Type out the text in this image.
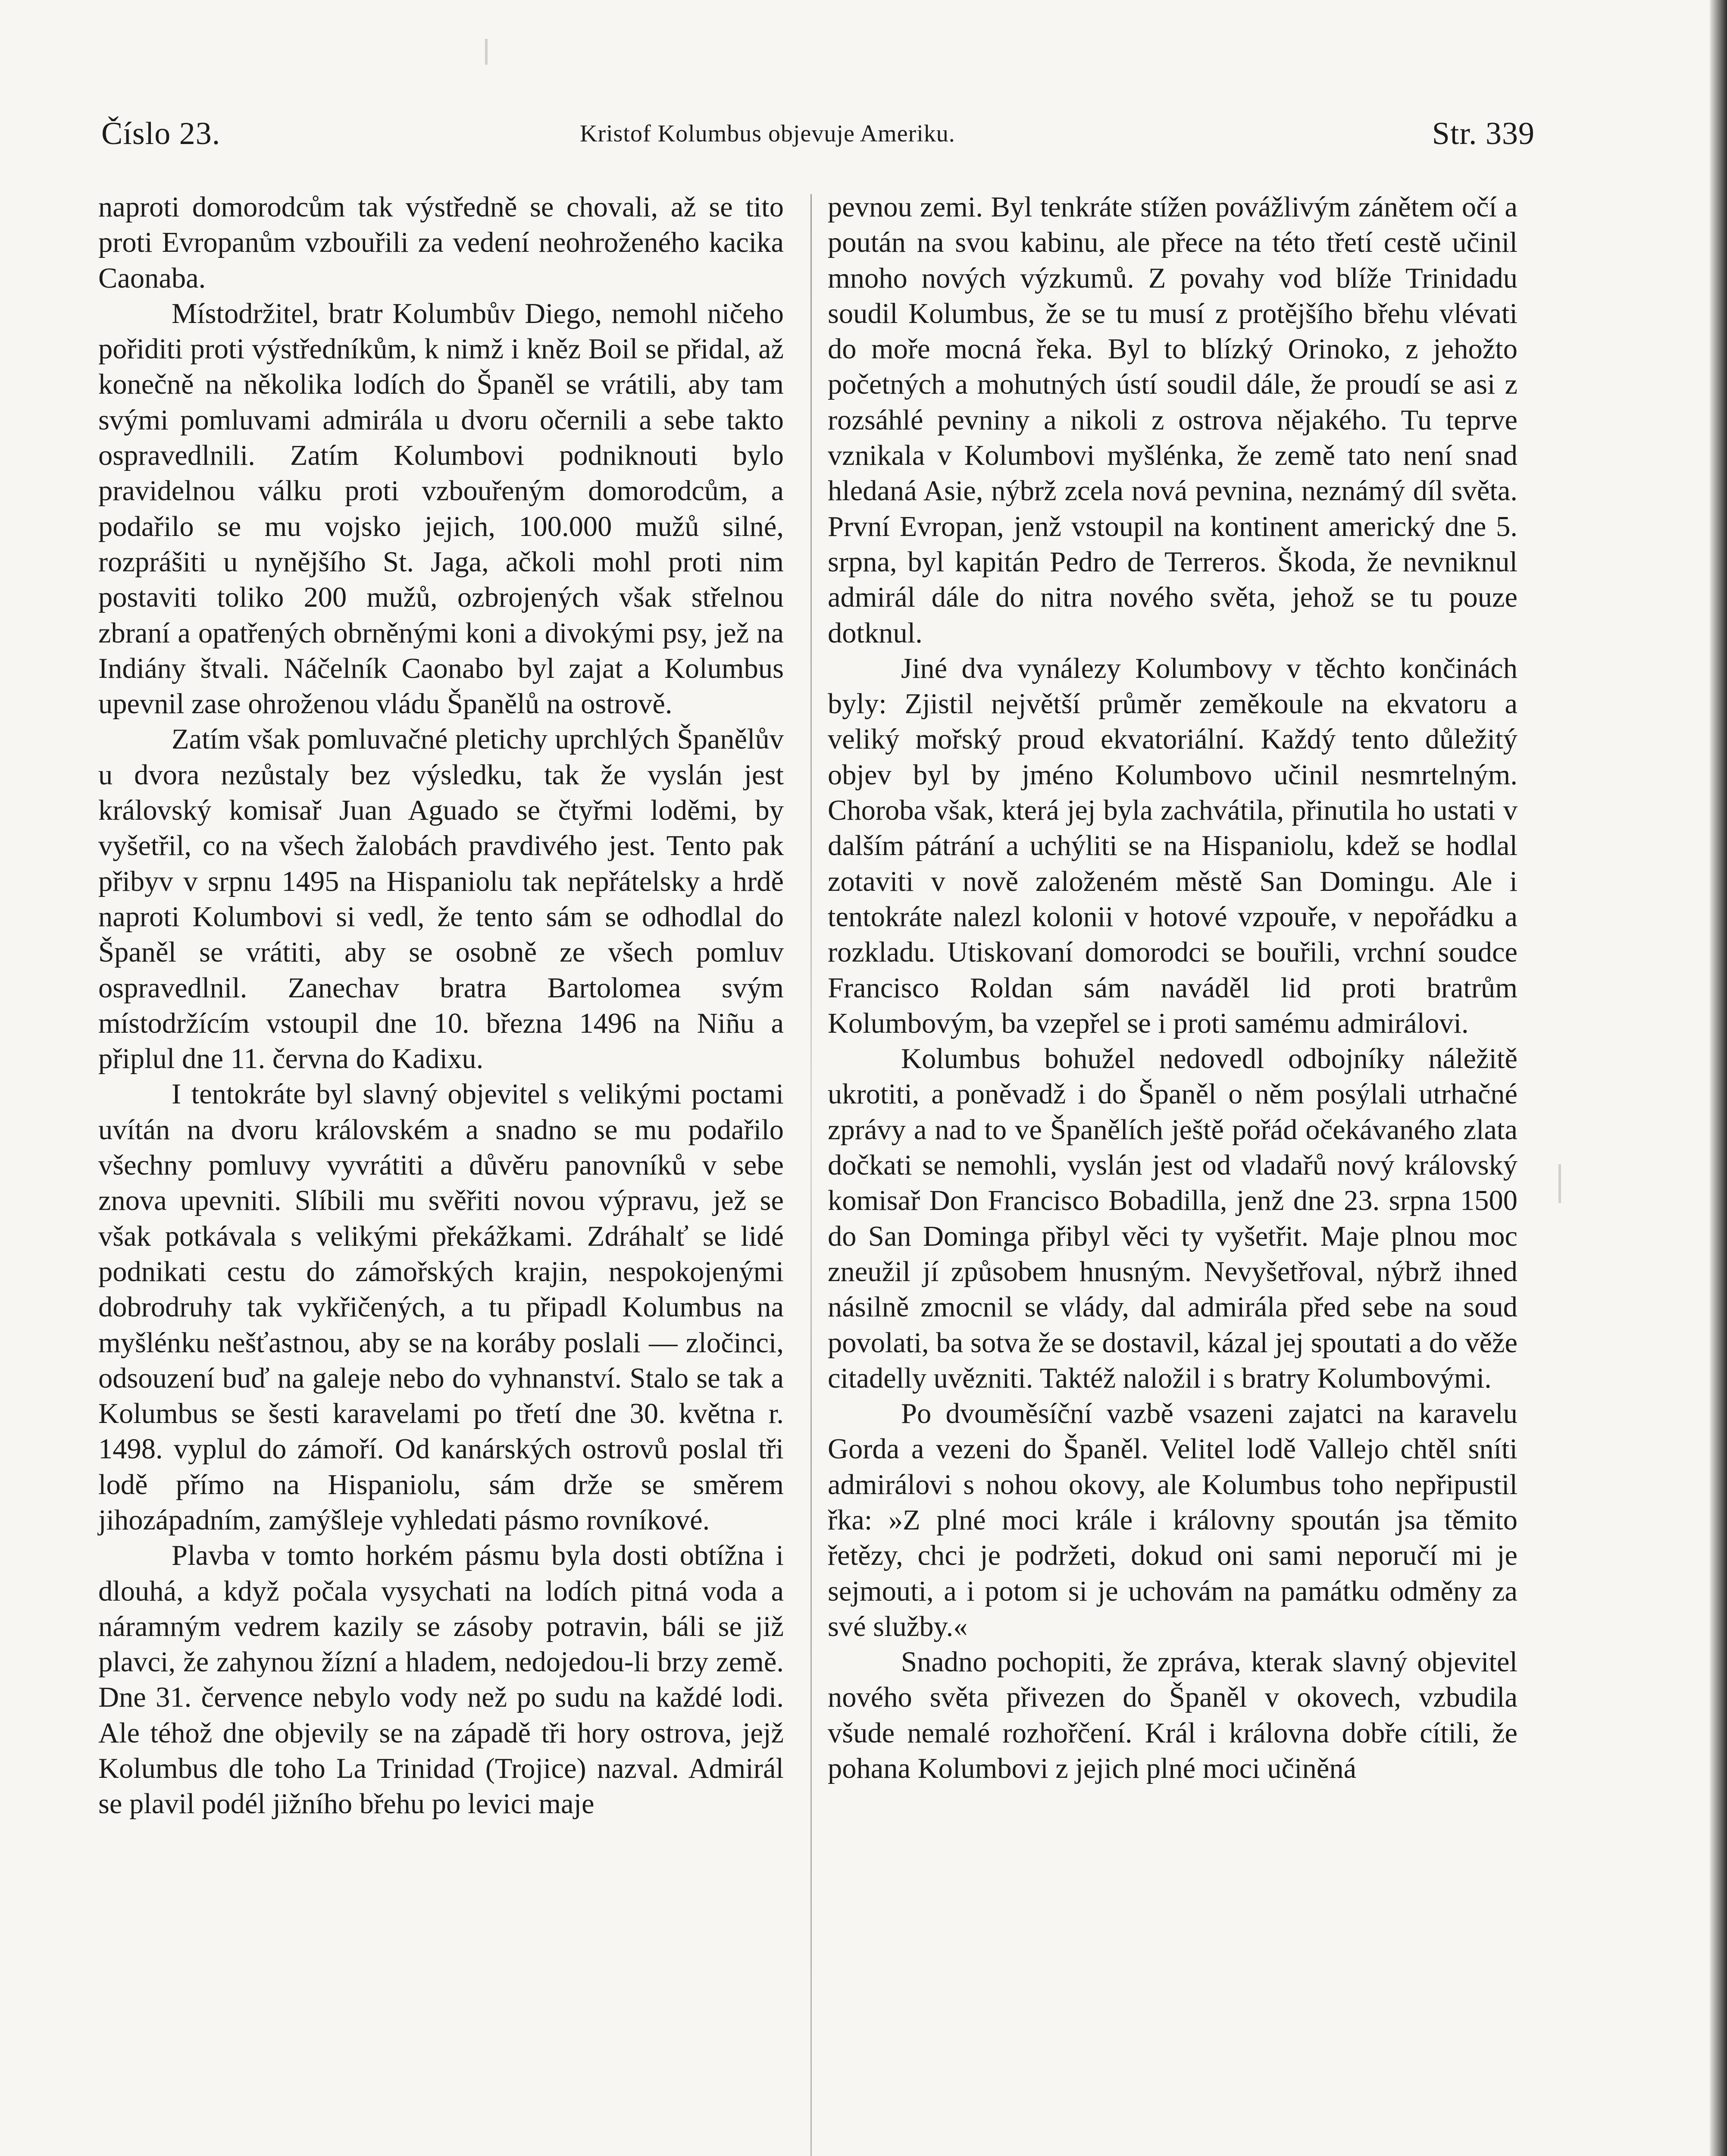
Číslo 23.	Kristof Kolumbus objevuje Ameriku.	Str. 339

naproti domorodcům tak výstředně se chovali, až se tito proti Evropanům vzbouřili za vedení neohroženého kacika Caonaba.

Místodržitel, bratr Kolumbův Diego, nemohl ničeho pořiditi proti výstředníkům, k nimž i kněz Boil se přidal, až konečně na několika lodích do Španěl se vrátili, aby tam svými pomluvami admirála u dvoru očernili a sebe takto ospravedlnili. Zatím Kolumbovi podniknouti bylo pravidelnou válku proti vzbouřeným domorodcům, a podařilo se mu vojsko jejich, 100.000 mužů silné, rozprášiti u nynějšího St. Jaga, ačkoli mohl proti nim postaviti toliko 200 mužů, ozbrojených však střelnou zbraní a opatřených obrněnými koni a divokými psy, jež na Indiány štvali. Náčelník Caonabo byl zajat a Kolumbus upevnil zase ohroženou vládu Španělů na ostrově.

Zatím však pomluvačné pletichy uprchlých Španělův u dvora nezůstaly bez výsledku, tak že vyslán jest královský komisař Juan Aguado se čtyřmi loděmi, by vyšetřil, co na všech žalobách pravdivého jest. Tento pak přibyv v srpnu 1495 na Hispaniolu tak nepřátelsky a hrdě naproti Kolumbovi si vedl, že tento sám se odhodlal do Španěl se vrátiti, aby se osobně ze všech pomluv ospravedlnil. Zanechav bratra Bartolomea svým místodržícím vstoupil dne 10. března 1496 na Niñu a připlul dne 11. června do Kadixu.

I tentokráte byl slavný objevitel s velikými poctami uvítán na dvoru královském a snadno se mu podařilo všechny pomluvy vyvrátiti a důvěru panovníků v sebe znova upevniti. Slíbili mu svěřiti novou výpravu, jež se však potkávala s velikými překážkami. Zdráhalť se lidé podnikati cestu do zámořských krajin, nespokojenými dobrodruhy tak vykřičených, a tu připadl Kolumbus na myšlénku nešťastnou, aby se na koráby poslali — zločinci, odsouzení buď na galeje nebo do vyhnanství. Stalo se tak a Kolumbus se šesti karavelami po třetí dne 30. května r. 1498. vyplul do zámoří. Od kanárských ostrovů poslal tři lodě přímo na Hispaniolu, sám drže se směrem jihozápadním, zamýšleje vyhledati pásmo rovníkové.

Plavba v tomto horkém pásmu byla dosti obtížna i dlouhá, a když počala vysychati na lodích pitná voda a náramným vedrem kazily se zásoby potravin, báli se již plavci, že zahynou žízní a hladem, nedojedou-li brzy země. Dne 31. července nebylo vody než po sudu na každé lodi. Ale téhož dne objevily se na západě tři hory ostrova, jejž Kolumbus dle toho La Trinidad (Trojice) nazval. Admirál se plavil podél jižního břehu po levici maje

pevnou zemi. Byl tenkráte stížen povážlivým zánětem očí a poután na svou kabinu, ale přece na této třetí cestě učinil mnoho nových výzkumů. Z povahy vod blíže Trinidadu soudil Kolumbus, že se tu musí z protějšího břehu vlévati do moře mocná řeka. Byl to blízký Orinoko, z jehožto početných a mohutných ústí soudil dále, že proudí se asi z rozsáhlé pevniny a nikoli z ostrova nějakého. Tu teprve vznikala v Kolumbovi myšlénka, že země tato není snad hledaná Asie, nýbrž zcela nová pevnina, neznámý díl světa. První Evropan, jenž vstoupil na kontinent americký dne 5. srpna, byl kapitán Pedro de Terreros. Škoda, že nevniknul admirál dále do nitra nového světa, jehož se tu pouze dotknul.

Jiné dva vynálezy Kolumbovy v těchto končinách byly: Zjistil největší průměr zeměkoule na ekvatoru a veliký mořský proud ekvatoriální. Každý tento důležitý objev byl by jméno Kolumbovo učinil nesmrtelným. Choroba však, která jej byla zachvátila, přinutila ho ustati v dalším pátrání a uchýliti se na Hispaniolu, kdež se hodlal zotaviti v nově založeném městě San Domingu. Ale i tentokráte nalezl kolonii v hotové vzpouře, v nepořádku a rozkladu. Utiskovaní domorodci se bouřili, vrchní soudce Francisco Roldan sám naváděl lid proti bratrům Kolumbovým, ba vzepřel se i proti samému admirálovi.

Kolumbus bohužel nedovedl odbojníky náležitě ukrotiti, a poněvadž i do Španěl o něm posýlali utrhačné zprávy a nad to ve Španělích ještě pořád očekávaného zlata dočkati se nemohli, vyslán jest od vladařů nový královský komisař Don Francisco Bobadilla, jenž dne 23. srpna 1500 do San Dominga přibyl věci ty vyšetřit. Maje plnou moc zneužil jí způsobem hnusným. Nevyšetřoval, nýbrž ihned násilně zmocnil se vlády, dal admirála před sebe na soud povolati, ba sotva že se dostavil, kázal jej spoutati a do věže citadelly uvězniti. Taktéž naložil i s bratry Kolumbovými.

Po dvouměsíční vazbě vsazeni zajatci na karavelu Gorda a vezeni do Španěl. Velitel lodě Vallejo chtěl sníti admirálovi s nohou okovy, ale Kolumbus toho nepřipustil řka: »Z plné moci krále i královny spoután jsa těmito řetězy, chci je podržeti, dokud oni sami neporučí mi je sejmouti, a i potom si je uchovám na památku odměny za své služby.«

Snadno pochopiti, že zpráva, kterak slavný objevitel nového světa přivezen do Španěl v okovech, vzbudila všude nemalé rozhořčení. Král i královna dobře cítili, že pohana Kolumbovi z jejich plné moci učiněná
